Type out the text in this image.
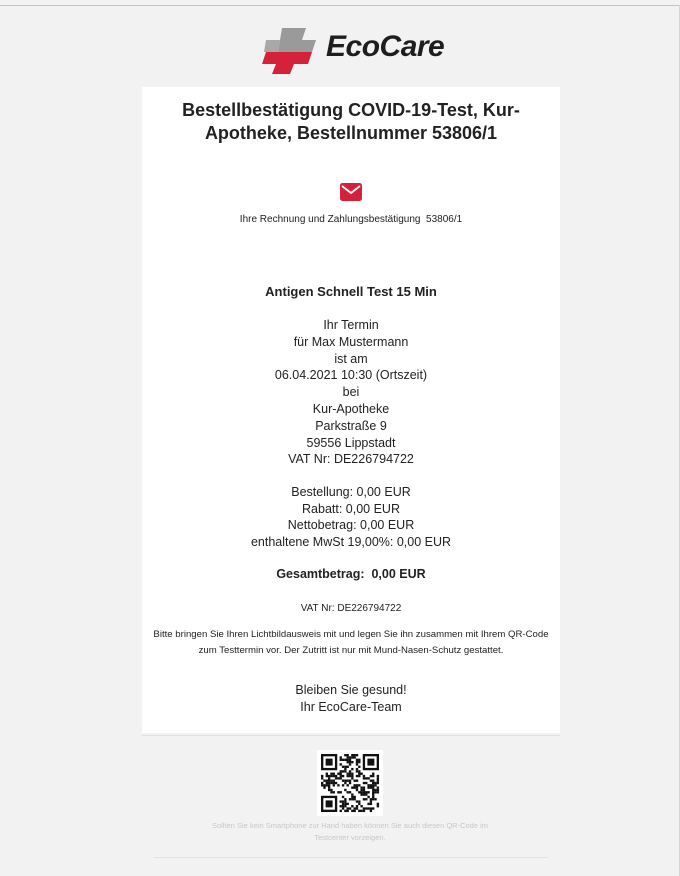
EcoCare
Bestellbestätigung COVID-19-Test, Kur-Apotheke, Bestellnummer 53806/1
Ihre Rechnung und Zahlungsbestätigung  53806/1
Antigen Schnell Test 15 Min
Ihr Termin
für Max Mustermann
ist am
06.04.2021 10:30 (Ortszeit)
bei
Kur-Apotheke
Parkstraße 9
59556 Lippstadt
VAT Nr: DE226794722
Bestellung: 0,00 EUR
Rabatt: 0,00 EUR
Nettobetrag: 0,00 EUR
enthaltene MwSt 19,00%: 0,00 EUR
Gesamtbetrag:  0,00 EUR
VAT Nr: DE226794722
Bitte bringen Sie Ihren Lichtbildausweis mit und legen Sie ihn zusammen mit Ihrem QR-Code zum Testtermin vor. Der Zutritt ist nur mit Mund-Nasen-Schutz gestattet.
Bleiben Sie gesund!
Ihr EcoCare-Team
Sollten Sie kein Smartphone zur Hand haben können Sie auch diesen QR-Code im Testcenter vorzeigen.
